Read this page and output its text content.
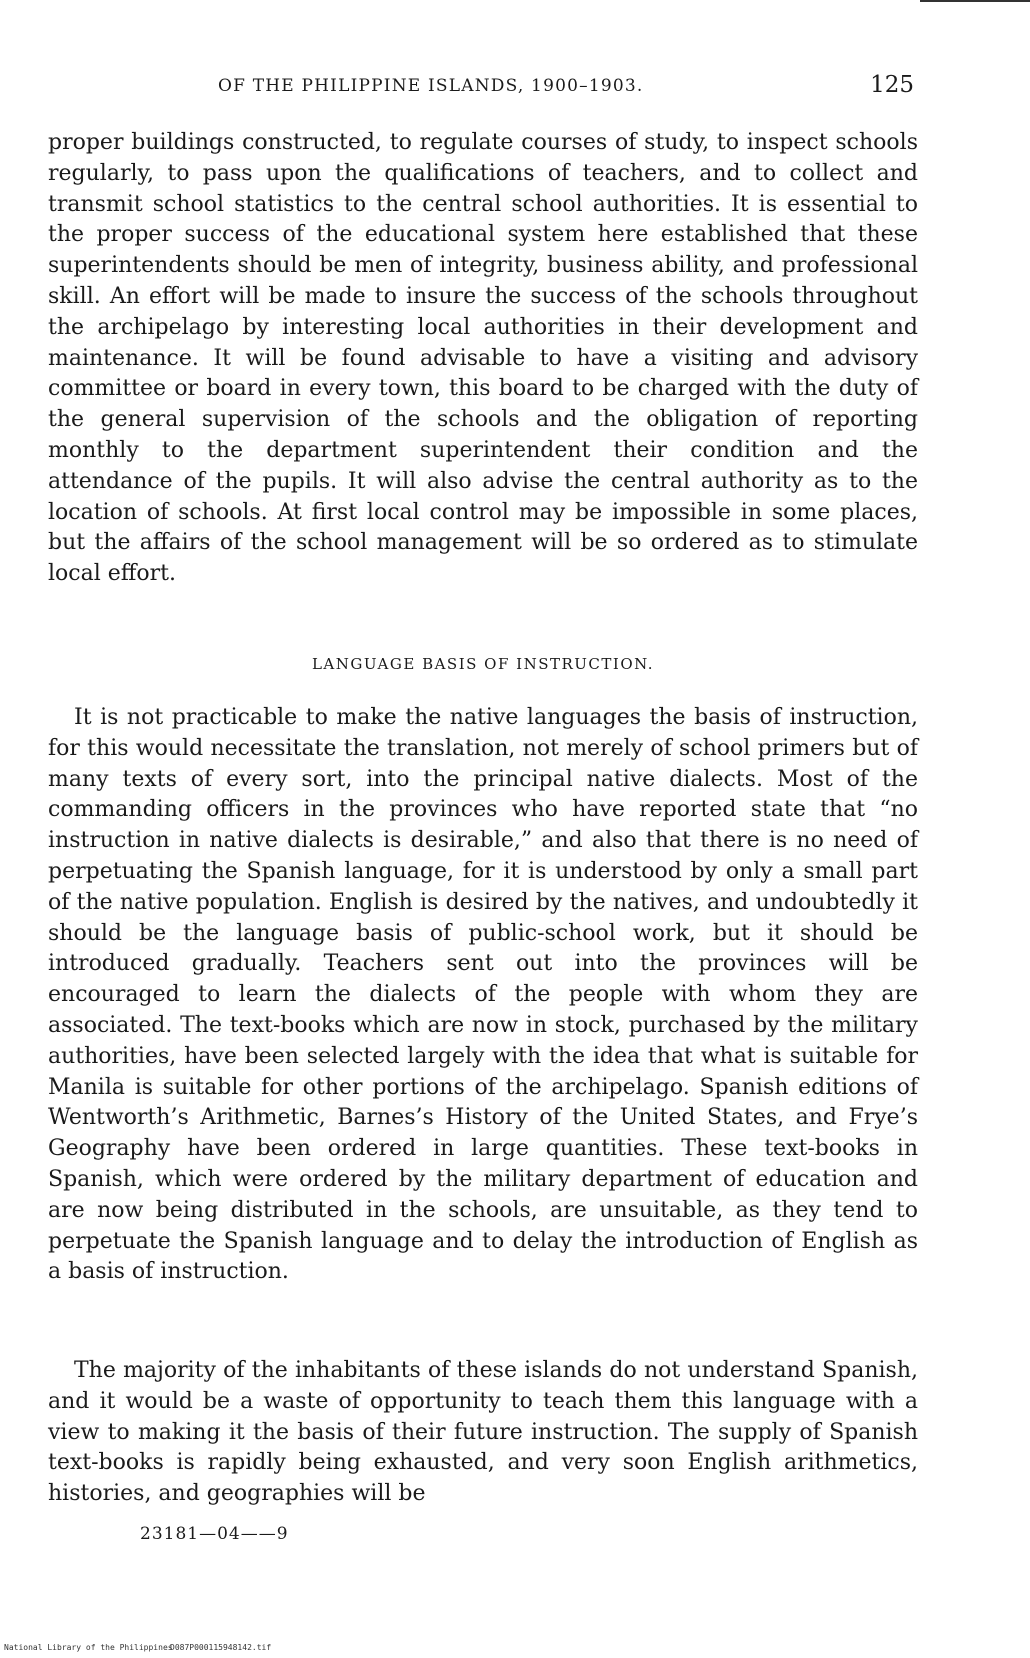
OF THE PHILIPPINE ISLANDS, 1900–1903.	125

proper buildings constructed, to regulate courses of study, to inspect schools regularly, to pass upon the qualifications of teachers, and to collect and transmit school statistics to the central school authorities. It is essential to the proper success of the educational system here established that these superintendents should be men of integrity, business ability, and professional skill. An effort will be made to insure the success of the schools throughout the archipelago by interesting local authorities in their development and maintenance. It will be found advisable to have a visiting and advisory committee or board in every town, this board to be charged with the duty of the general supervision of the schools and the obligation of reporting monthly to the department superintendent their condition and the attendance of the pupils. It will also advise the central authority as to the location of schools. At first local control may be impossible in some places, but the affairs of the school management will be so ordered as to stimulate local effort.

LANGUAGE BASIS OF INSTRUCTION.

It is not practicable to make the native languages the basis of instruction, for this would necessitate the translation, not merely of school primers but of many texts of every sort, into the principal native dialects. Most of the commanding officers in the provinces who have reported state that “no instruction in native dialects is desirable,” and also that there is no need of perpetuating the Spanish language, for it is understood by only a small part of the native population. English is desired by the natives, and undoubtedly it should be the language basis of public-school work, but it should be introduced gradually. Teachers sent out into the provinces will be encouraged to learn the dialects of the people with whom they are associated. The text-books which are now in stock, purchased by the military authorities, have been selected largely with the idea that what is suitable for Manila is suitable for other portions of the archipelago. Spanish editions of Wentworth’s Arithmetic, Barnes’s History of the United States, and Frye’s Geography have been ordered in large quantities. These text-books in Spanish, which were ordered by the military department of education and are now being distributed in the schools, are unsuitable, as they tend to perpetuate the Spanish language and to delay the introduction of English as a basis of instruction.

The majority of the inhabitants of these islands do not understand Spanish, and it would be a waste of opportunity to teach them this language with a view to making it the basis of their future instruction. The supply of Spanish text-books is rapidly being exhausted, and very soon English arithmetics, histories, and geographies will be

23181—04——9
National Library of the Philippines
D087P000115948142.tif
